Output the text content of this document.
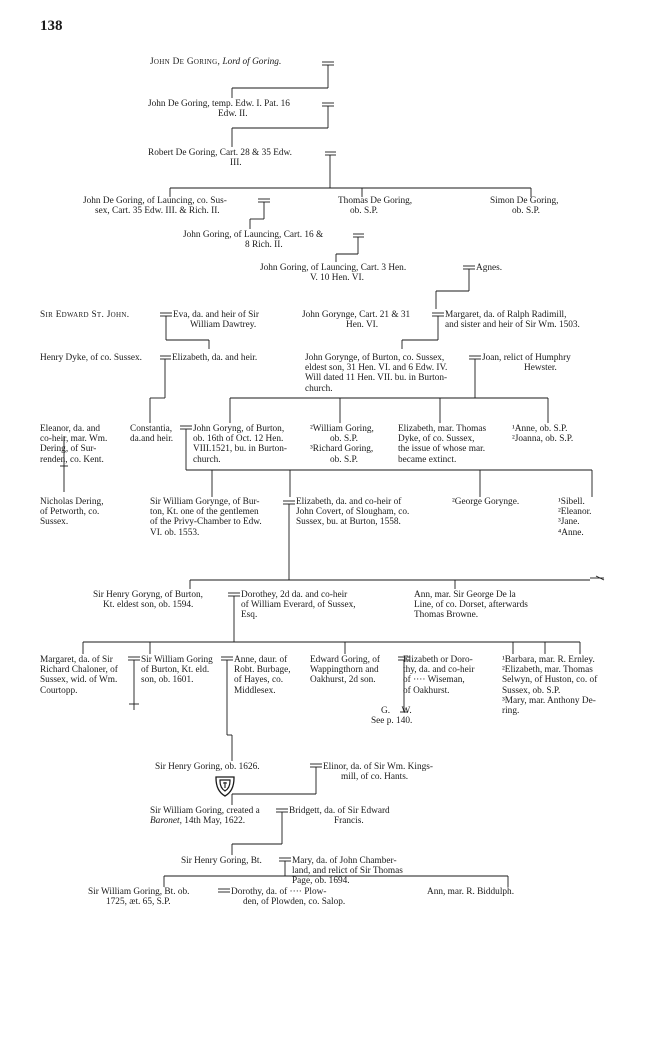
138
John De Goring, Lord of Goring.
John De Goring, temp. Edw. I. Pat. 16
Edw. II.
Robert De Goring, Cart. 28 & 35 Edw.
III.
John De Goring, of Launcing, co. Sus-
sex, Cart. 35 Edw. III. & Rich. II.
Thomas De Goring,
ob. S.P.
Simon De Goring,
ob. S.P.
John Goring, of Launcing, Cart. 16 &
8 Rich. II.
John Goring, of Launcing, Cart. 3 Hen.
V. 10 Hen. VI.
Agnes.
Sir Edward St. John.	Eva, da. and heir of Sir
William Dawtrey.
John Gorynge, Cart. 21 & 31
Hen. VI.
Margaret, da. of Ralph Radimill,
and sister and heir of Sir Wm. 1503.
Henry Dyke, of co. Sussex.	Elizabeth, da. and heir.	John Gorynge, of Burton, co. Sussex,
eldest son, 31 Hen. VI. and 6 Edw. IV.
Will dated 11 Hen. VII. bu. in Burton-
church.
Joan, relict of Humphry
Hewster.
Eleanor, da. and
co-heir, mar. Wm.
Dering, of Sur-
renden, co. Kent.
Constantia,
da.and heir.
John Goryng, of Burton,
ob. 16th of Oct. 12 Hen.
VIII.1521, bu. in Burton-
church.
²William Goring,
ob. S.P.
³Richard Goring,
ob. S.P.
Elizabeth, mar. Thomas
Dyke, of co. Sussex,
the issue of whose mar.
became extinct.
¹Anne, ob. S.P.
²Joanna, ob. S.P.
Nicholas Dering,
of Petworth, co.
Sussex.
Sir William Gorynge, of Bur-
ton, Kt. one of the gentlemen
of the Privy-Chamber to Edw.
VI. ob. 1553.
Elizabeth, da. and co-heir of
John Covert, of Slougham, co.
Sussex, bu. at Burton, 1558.
²George Gorynge.	¹Sibell.
²Eleanor.
³Jane.
⁴Anne.
Sir Henry Goryng, of Burton,
Kt. eldest son, ob. 1594.
Dorothey, 2d da. and co-heir
of William Everard, of Sussex,
Esq.
Ann, mar. Sir George De la
Line, of co. Dorset, afterwards
Thomas Browne.
Margaret, da. of Sir
Richard Chaloner, of
Sussex, wid. of Wm.
Courtopp.
Sir William Goring
of Burton, Kt. eld.
son, ob. 1601.
Anne, daur. of
Robt. Burbage,
of Hayes, co.
Middlesex.
Edward Goring, of
Wappingthorn and
Oakhurst, 2d son.
Elizabeth or Doro-
thy, da. and co-heir
of ···· Wiseman,
of Oakhurst.
G.     W.
See p. 140.
¹Barbara, mar. R. Ernley.
²Elizabeth, mar. Thomas
Selwyn, of Huston, co. of
Sussex, ob. S.P.
³Mary, mar. Anthony De-
ring.
Sir Henry Goring, ob. 1626.	Elinor, da. of Sir Wm. Kings-
mill, of co. Hants.
Sir William Goring, created a
Baronet, 14th May, 1622.
Bridgett, da. of Sir Edward
Francis.
Sir Henry Goring, Bt.	Mary, da. of John Chamber-
land, and relict of Sir Thomas
Page, ob. 1694.
Sir William Goring, Bt. ob.
1725, æt. 65, S.P.
Dorothy, da. of ···· Plow-
den, of Plowden, co. Salop.
Ann, mar. R. Biddulph.
